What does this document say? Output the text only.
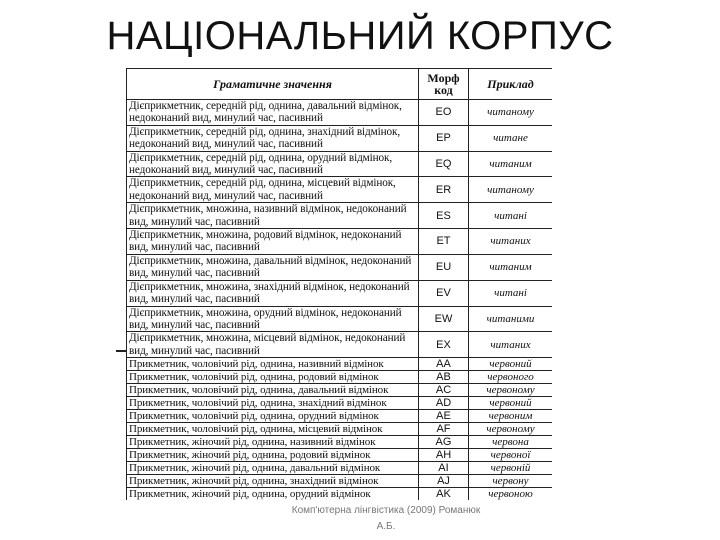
НАЦІОНАЛЬНИЙ КОРПУС
Граматичне значення	Морф код	Приклад
Дієприкметник, середній рід, однина, давальний відмінок, недоконаний вид, минулий час, пасивний	EO	читаному
Дієприкметник, середній рід, однина, знахідний відмінок, недоконаний вид, минулий час, пасивний	EP	читане
Дієприкметник, середній рід, однина, орудний відмінок, недоконаний вид, минулий час, пасивний	EQ	читаним
Дієприкметник, середній рід, однина, місцевий відмінок, недоконаний вид, минулий час, пасивний	ER	читаному
Дієприкметник, множина, називний відмінок, недоконаний вид, минулий час, пасивний	ES	читані
Дієприкметник, множина, родовий відмінок, недоконаний вид, минулий час, пасивний	ET	читаних
Дієприкметник, множина, давальний відмінок, недоконаний вид, минулий час, пасивний	EU	читаним
Дієприкметник, множина, знахідний відмінок, недоконаний вид, минулий час, пасивний	EV	читані
Дієприкметник, множина, орудний відмінок, недоконаний вид, минулий час, пасивний	EW	читаними
Дієприкметник, множина, місцевий відмінок, недоконаний вид, минулий час, пасивний	EX	читаних
Прикметник, чоловічий рід, однина, називний відмінок	AA	червоний
Прикметник, чоловічий рід, однина, родовий відмінок	AB	червоного
Прикметник, чоловічий рід, однина, давальний відмінок	AC	червоному
Прикметник, чоловічий рід, однина, знахідний відмінок	AD	червоний
Прикметник, чоловічий рід, однина, орудний відмінок	AE	червоним
Прикметник, чоловічий рід, однина, місцевий відмінок	AF	червоному
Прикметник, жіночий рід, однина, називний відмінок	AG	червона
Прикметник, жіночий рід, однина, родовий відмінок	AH	червоної
Прикметник, жіночий рід, однина, давальний відмінок	AI	червоній
Прикметник, жіночий рід, однина, знахідний відмінок	AJ	червону
Прикметник, жіночий рід, однина, орудний відмінок	AK	червоною

Комп'ютерна лінгвістика (2009) Романюк
А.Б.
